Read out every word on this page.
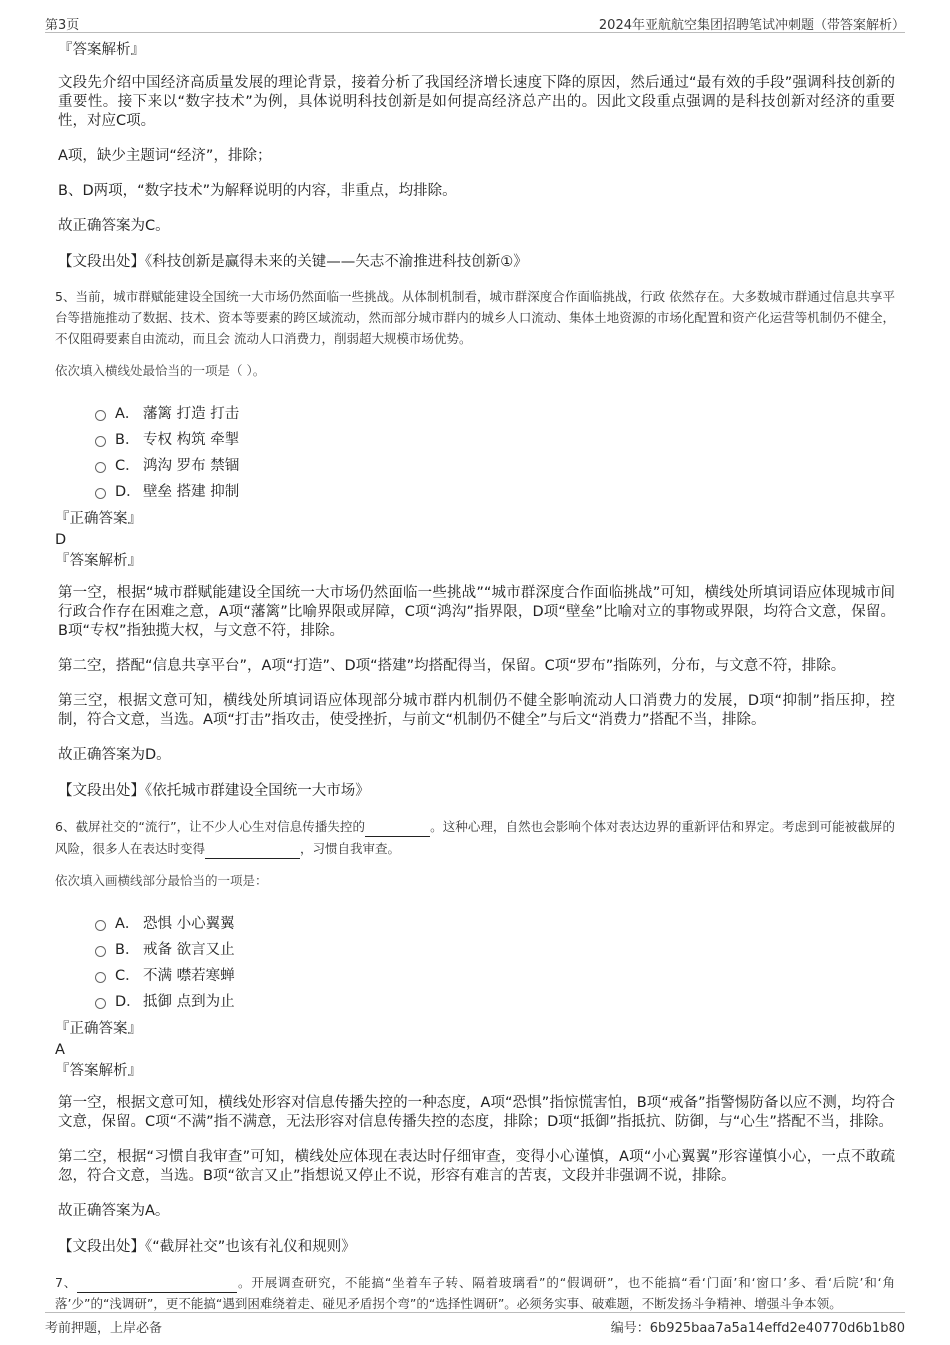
第3页	2024年亚航航空集团招聘笔试冲刺题（带答案解析）
『答案解析』
文段先介绍中国经济高质量发展的理论背景，接着分析了我国经济增长速度下降的原因，然后通过“最有效的手段”强调科技创新的重要性。接下来以“数字技术”为例，具体说明科技创新是如何提高经济总产出的。因此文段重点强调的是科技创新对经济的重要性，对应C项。
A项，缺少主题词“经济”，排除；
B、D两项，“数字技术”为解释说明的内容，非重点，均排除。
故正确答案为C。
【文段出处】《科技创新是赢得未来的关键——矢志不渝推进科技创新①》
5、当前，城市群赋能建设全国统一大市场仍然面临一些挑战。从体制机制看，城市群深度合作面临挑战，行政 依然存在。大多数城市群通过信息共享平台等措施推动了数据、技术、资本等要素的跨区域流动，然而部分城市群内的城乡人口流动、集体土地资源的市场化配置和资产化运营等机制仍不健全，不仅阻碍要素自由流动，而且会 流动人口消费力，削弱超大规模市场优势。
依次填入横线处最恰当的一项是（ ）。
A． 藩篱 打造 打击
B． 专权 构筑 牵掣
C． 鸿沟 罗布 禁锢
D． 壁垒 搭建 抑制
『正确答案』
D
『答案解析』
第一空，根据“城市群赋能建设全国统一大市场仍然面临一些挑战”“城市群深度合作面临挑战”可知，横线处所填词语应体现城市间行政合作存在困难之意，A项“藩篱”比喻界限或屏障，C项“鸿沟”指界限，D项“壁垒”比喻对立的事物或界限，均符合文意，保留。B项“专权”指独揽大权，与文意不符，排除。
第二空，搭配“信息共享平台”，A项“打造”、D项“搭建”均搭配得当，保留。C项“罗布”指陈列，分布，与文意不符，排除。
第三空，根据文意可知，横线处所填词语应体现部分城市群内机制仍不健全影响流动人口消费力的发展，D项“抑制”指压抑，控制，符合文意，当选。A项“打击”指攻击，使受挫折，与前文“机制仍不健全”与后文“消费力”搭配不当，排除。
故正确答案为D。
【文段出处】《依托城市群建设全国统一大市场》
6、截屏社交的“流行”，让不少人心生对信息传播失控的	。这种心理，自然也会影响个体对表达边界的重新评估和界定。考虑到可能被截屏的风险，很多人在表达时变得	，习惯自我审查。
依次填入画横线部分最恰当的一项是：
A． 恐惧 小心翼翼
B． 戒备 欲言又止
C． 不满 噤若寒蝉
D． 抵御 点到为止
『正确答案』
A
『答案解析』
第一空，根据文意可知，横线处形容对信息传播失控的一种态度，A项“恐惧”指惊慌害怕，B项“戒备”指警惕防备以应不测，均符合文意，保留。C项“不满”指不满意，无法形容对信息传播失控的态度，排除；D项“抵御”指抵抗、防御，与“心生”搭配不当，排除。
第二空，根据“习惯自我审查”可知，横线处应体现在表达时仔细审查，变得小心谨慎，A项“小心翼翼”形容谨慎小心，一点不敢疏忽，符合文意，当选。B项“欲言又止”指想说又停止不说，形容有难言的苦衷，文段并非强调不说，排除。
故正确答案为A。
【文段出处】《“截屏社交”也该有礼仪和规则》
7、	。开展调查研究，不能搞“坐着车子转、隔着玻璃看”的“假调研”，也不能搞“看‘门面’和‘窗口’多、看‘后院’和‘角落’少”的“浅调研”，更不能搞“遇到困难绕着走、碰见矛盾拐个弯”的“选择性调研”。必须务实事、破难题，不断发扬斗争精神、增强斗争本领。
考前押题，上岸必备	编号：6b925baa7a5a14effd2e40770d6b1b80
